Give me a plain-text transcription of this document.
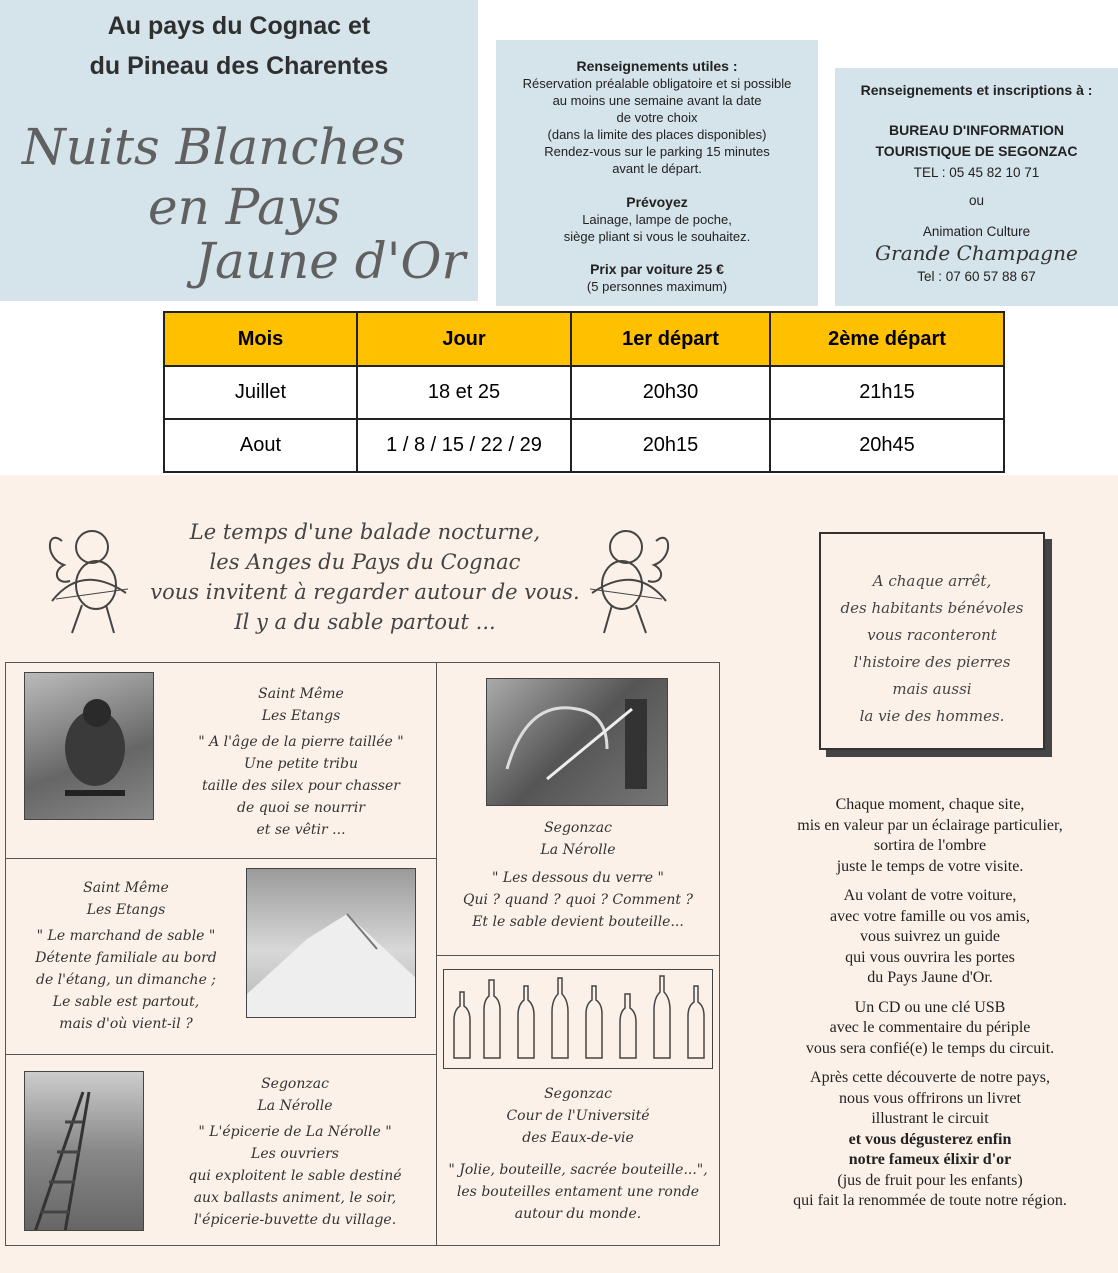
Au pays du Cognac et
du Pineau des Charentes
Nuits Blanches
en Pays
Jaune d'Or
Renseignements utiles :
Réservation préalable obligatoire et si possible
au moins une semaine avant la date
de votre choix
(dans la limite des places disponibles)
Rendez-vous sur le parking 15 minutes
avant le départ.
Prévoyez
Lainage, lampe de poche,
siège pliant si vous le souhaitez.
Prix par voiture 25 €
(5 personnes maximum)
Renseignements et inscriptions à :
BUREAU D'INFORMATION
TOURISTIQUE DE SEGONZAC
TEL : 05 45 82 10 71
ou
Animation Culture
Grande Champagne
Tel : 07 60 57 88 67
Mois	Jour	1er départ	2ème départ
Juillet	18 et 25	20h30	21h15
Aout	1 / 8 / 15 / 22 / 29	20h15	20h45
Le temps d'une balade nocturne,
les Anges du Pays du Cognac
vous invitent à regarder autour de vous.
Il y a du sable partout ...
Saint Même
Les Etangs
" A l'âge de la pierre taillée "
Une petite tribu
taille des silex pour chasser
de quoi se nourrir
et se vêtir ...
Saint Même
Les Etangs
" Le marchand de sable "
Détente familiale au bord
de l'étang, un dimanche ;
Le sable est partout,
mais d'où vient-il ?
Segonzac
La Nérolle
" L'épicerie de La Nérolle "
Les ouvriers
qui exploitent le sable destiné
aux ballasts animent, le soir,
l'épicerie-buvette du village.
Segonzac
La Nérolle
" Les dessous du verre "
Qui ? quand ? quoi ? Comment ?
Et le sable devient bouteille...
Segonzac
Cour de l'Université
des Eaux-de-vie
" Jolie, bouteille, sacrée bouteille...",
les bouteilles entament une ronde
autour du monde.
A chaque arrêt,
des habitants bénévoles
vous raconteront
l'histoire des pierres
mais aussi
la vie des hommes.

Chaque moment, chaque site,
mis en valeur par un éclairage particulier,
sortira de l'ombre
juste le temps de votre visite.

Au volant de votre voiture,
avec votre famille ou vos amis,
vous suivrez un guide
qui vous ouvrira les portes
du Pays Jaune d'Or.

Un CD ou une clé USB
avec le commentaire du périple
vous sera confié(e) le temps du circuit.

Après cette découverte de notre pays,
nous vous offrirons un livret
illustrant le circuit
et vous dégusterez enfin
notre fameux élixir d'or
(jus de fruit pour les enfants)
qui fait la renommée de toute notre région.
